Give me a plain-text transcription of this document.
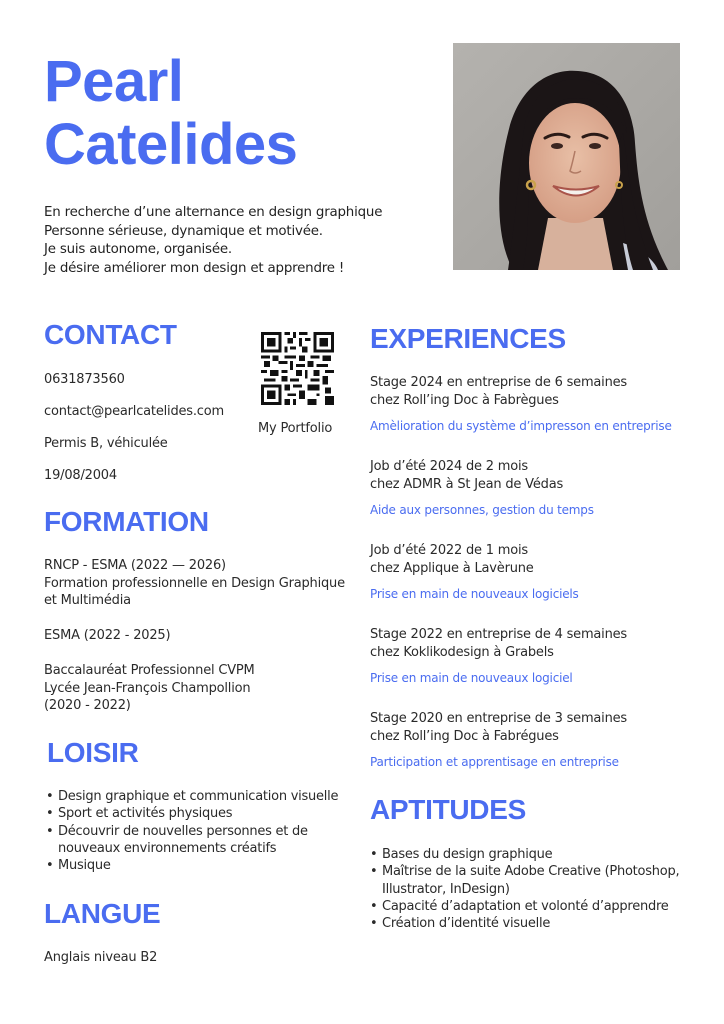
Pearl
Catelides
En recherche d’une alternance en design graphique
Personne sérieuse, dynamique et motivée.
Je suis autonome, organisée.
Je désire améliorer mon design et apprendre !
CONTACT
0631873560
contact@pearlcatelides.com
Permis B, véhiculée
19/08/2004
My Portfolio
FORMATION
RNCP - ESMA (2022 — 2026)
Formation professionnelle en Design Graphique
et Multimédia
ESMA (2022 - 2025)
Baccalauréat Professionnel CVPM
Lycée Jean-François Champollion
(2020 - 2022)
LOISIR
• Design graphique et communication visuelle
• Sport et activités physiques
• Découvrir de nouvelles personnes et de nouveaux environnements créatifs
• Musique
LANGUE
Anglais niveau B2
EXPERIENCES
Stage 2024 en entreprise de 6 semaines
chez Roll’ing Doc à Fabrègues
Amèlioration du système d’impresson en entreprise
Job d’été 2024 de 2 mois
chez ADMR à St Jean de Védas
Aide aux personnes, gestion du temps
Job d’été 2022 de 1 mois
chez Applique à Lavèrune
Prise en main de nouveaux logiciels
Stage 2022 en entreprise de 4 semaines
chez Koklikodesign à Grabels
Prise en main de nouveaux logiciel
Stage 2020 en entreprise de 3 semaines
chez Roll’ing Doc à Fabrégues
Participation et apprentisage en entreprise
APTITUDES
• Bases du design graphique
• Maîtrise de la suite Adobe Creative (Photoshop, Illustrator, InDesign)
• Capacité d’adaptation et volonté d’apprendre
• Création d’identité visuelle
